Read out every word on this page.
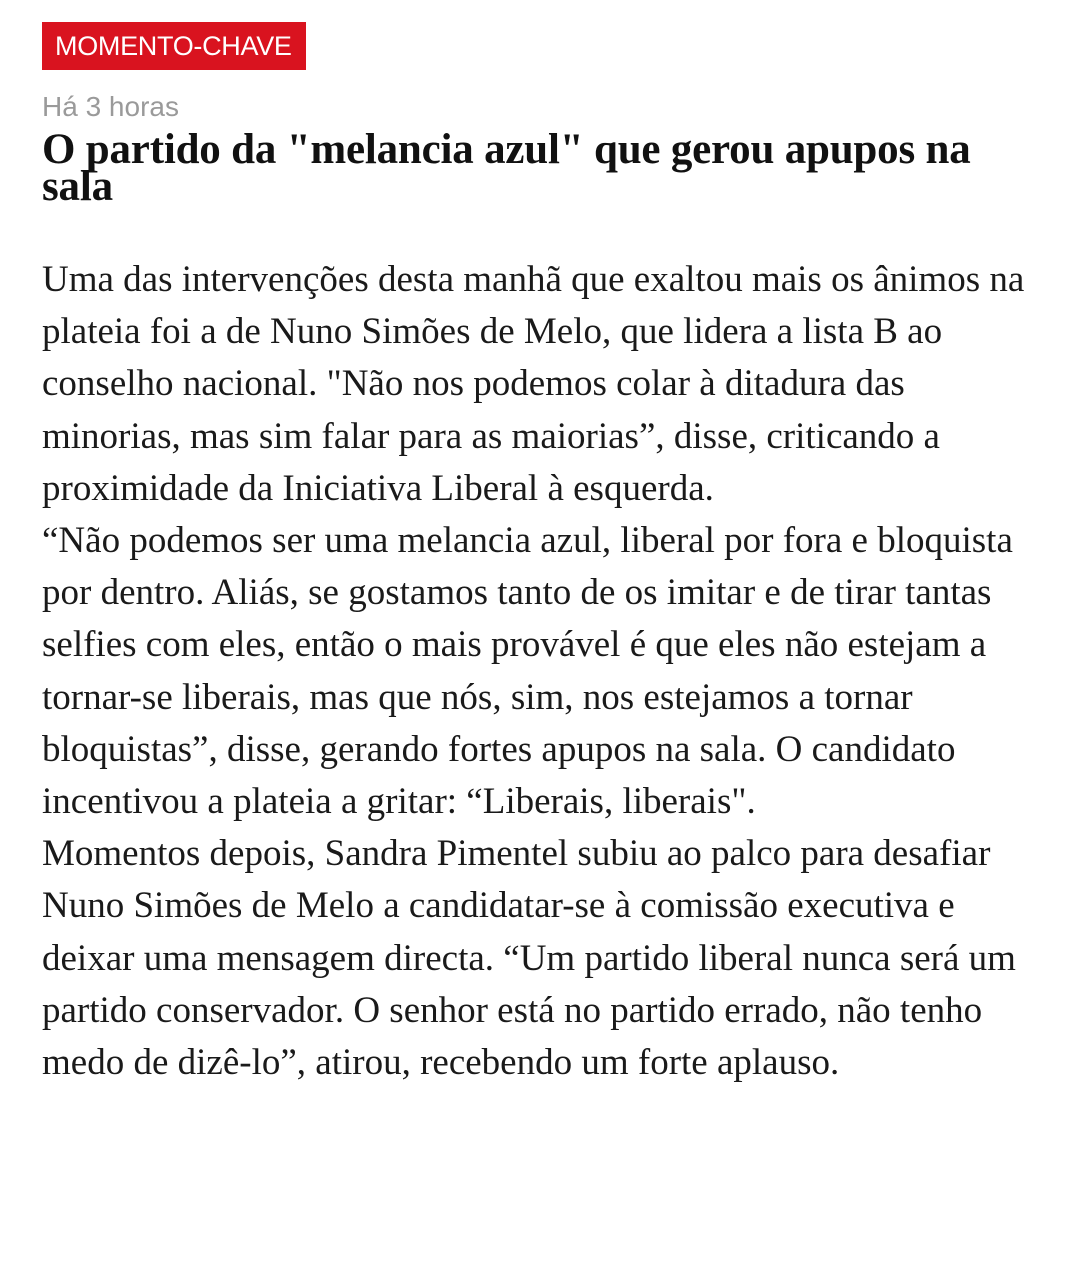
MOMENTO-CHAVE
Há 3 horas
O partido da "melancia azul" que gerou apupos na sala

Uma das intervenções desta manhã que exaltou mais os ânimos na plateia foi a de Nuno Simões de Melo, que lidera a lista B ao conselho nacional. "Não nos podemos colar à ditadura das minorias, mas sim falar para as maiorias”, disse, criticando a proximidade da Iniciativa Liberal à esquerda.

“Não podemos ser uma melancia azul, liberal por fora e bloquista por dentro. Aliás, se gostamos tanto de os imitar e de tirar tantas selfies com eles, então o mais provável é que eles não estejam a tornar-se liberais, mas que nós, sim, nos estejamos a tornar bloquistas”, disse, gerando fortes apupos na sala. O candidato incentivou a plateia a gritar: “Liberais, liberais".

Momentos depois, Sandra Pimentel subiu ao palco para desafiar Nuno Simões de Melo a candidatar-se à comissão executiva e deixar uma mensagem directa. “Um partido liberal nunca será um partido conservador. O senhor está no partido errado, não tenho medo de dizê-lo”, atirou, recebendo um forte aplauso.
